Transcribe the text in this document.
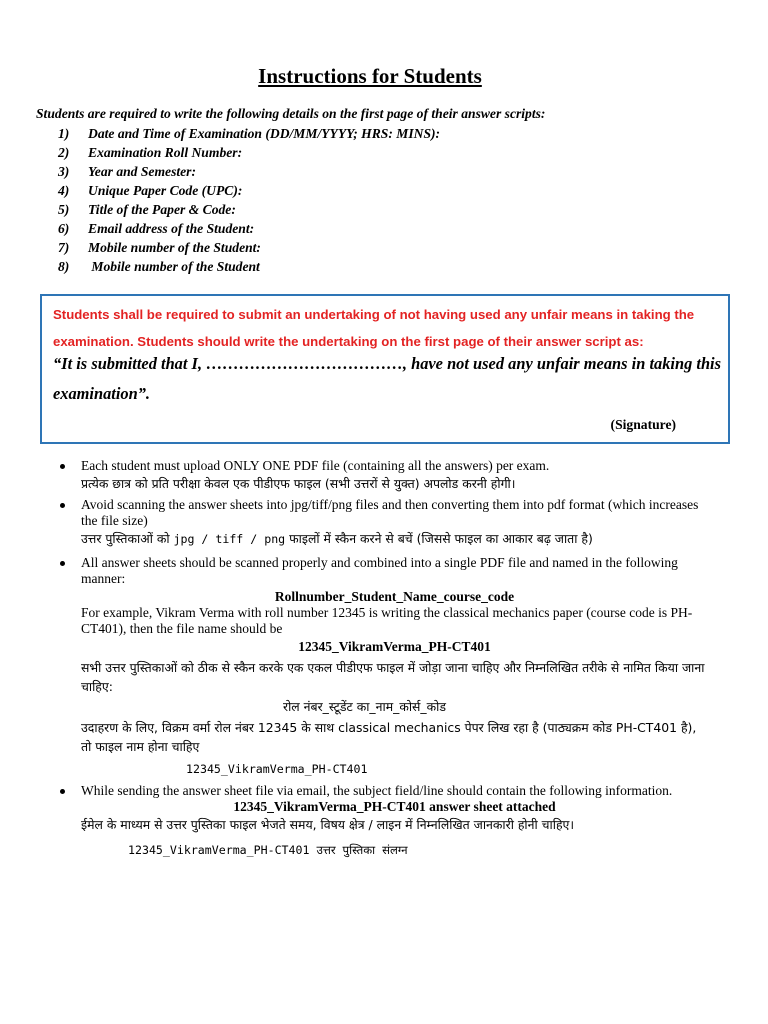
Instructions for Students
Students are required to write the following details on the first page of their answer scripts:
1) Date and Time of Examination (DD/MM/YYYY; HRS: MINS):
2) Examination Roll Number:
3) Year and Semester:
4) Unique Paper Code (UPC):
5) Title of the Paper & Code:
6) Email address of the Student:
7) Mobile number of the Student:
8) Mobile number of the Student
Students shall be required to submit an undertaking of not having used any unfair means in taking the examination. Students should write the undertaking on the first page of their answer script as:
“It is submitted that I, ………………………………, have not used any unfair means in taking this examination”.
(Signature)
Each student must upload ONLY ONE PDF file (containing all the answers) per exam.
प्रत्येक छात्र को प्रति परीक्षा केवल एक पीडीएफ फाइल (सभी उत्तरों से युक्त) अपलोड करनी होगी।
Avoid scanning the answer sheets into jpg/tiff/png files and then converting them into pdf format (which increases the file size)
उत्तर पुस्तिकाओं को jpg / tiff / png फाइलों में स्कैन करने से बचें (जिससे फाइल का आकार बढ़ जाता है)
All answer sheets should be scanned properly and combined into a single PDF file and named in the following manner:
Rollnumber_Student_Name_course_code
For example, Vikram Verma with roll number 12345 is writing the classical mechanics paper (course code is PH-CT401), then the file name should be
12345_VikramVerma_PH-CT401
सभी उत्तर पुस्तिकाओं को ठीक से स्कैन करके एक एकल पीडीएफ फाइल में जोड़ा जाना चाहिए और निम्नलिखित तरीके से नामित किया जाना चाहिए:
रोल नंबर_स्टूडेंट का_नाम_कोर्स_कोड
उदाहरण के लिए, विक्रम वर्मा रोल नंबर 12345 के साथ classical mechanics पेपर लिख रहा है (पाठ्यक्रम कोड PH-CT401 है), तो फाइल नाम होना चाहिए
12345_VikramVerma_PH-CT401
While sending the answer sheet file via email, the subject field/line should contain the following information.
12345_VikramVerma_PH-CT401 answer sheet attached
ईमेल के माध्यम से उत्तर पुस्तिका फाइल भेजते समय, विषय क्षेत्र / लाइन में निम्नलिखित जानकारी होनी चाहिए।
12345_VikramVerma_PH-CT401 उत्तर पुस्तिका संलग्न
